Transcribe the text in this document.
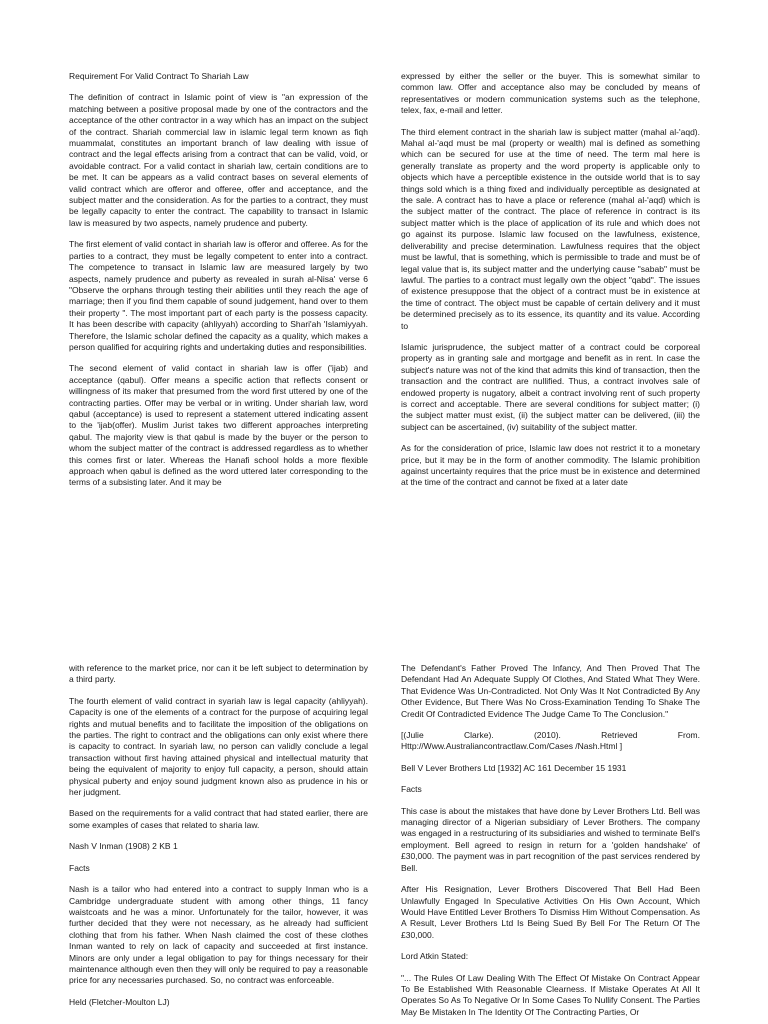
Requirement For Valid Contract To Shariah Law

The definition of contract in Islamic point of view is "an expression of the matching between a positive proposal made by one of the contractors and the acceptance of the other contractor in a way which has an impact on the subject of the contract. Shariah commercial law in islamic legal term known as fiqh muammalat, constitutes an important branch of law dealing with issue of contract and the legal effects arising from a contract that can be valid, void, or avoidable contract. For a valid contact in shariah law, certain conditions are to be met. It can be appears as a valid contract bases on several elements of valid contract which are offeror and offeree, offer and acceptance, and the subject matter and the consideration. As for the parties to a contract, they must be legally capacity to enter the contract. The capability to transact in Islamic law is measured by two aspects, namely prudence and puberty.

The first element of valid contact in shariah law is offeror and offeree. As for the parties to a contract, they must be legally competent to enter into a contract. The competence to transact in Islamic law are measured largely by two aspects, namely prudence and puberty as revealed in surah al-Nisa' verse 6 "Observe the orphans through testing their abilities until they reach the age of marriage; then if you find them capable of sound judgement, hand over to them their property ". The most important part of each party is the possess capacity. It has been describe with capacity (ahliyyah) according to Shari'ah 'Islamiyyah. Therefore, the Islamic scholar defined the capacity as a quality, which makes a person qualified for acquiring rights and undertaking duties and responsibilities.

The second element of valid contact in shariah law is offer ('ijab) and acceptance (qabul). Offer means a specific action that reflects consent or willingness of its maker that presumed from the word first uttered by one of the contracting parties. Offer may be verbal or in writing. Under shariah law, word qabul (acceptance) is used to represent a statement uttered indicating assent to the 'ijab(offer). Muslim Jurist takes two different approaches interpreting qabul. The majority view is that qabul is made by the buyer or the person to whom the subject matter of the contract is addressed regardless as to whether this comes first or later. Whereas the Hanafi school holds a more flexible approach when qabul is defined as the word uttered later corresponding to the terms of a subsisting later. And it may be

expressed by either the seller or the buyer. This is somewhat similar to common law. Offer and acceptance also may be concluded by means of representatives or modern communication systems such as the telephone, telex, fax, e-mail and letter.

The third element contract in the shariah law is subject matter (mahal al-'aqd). Mahal al-'aqd must be mal (property or wealth) mal is defined as something which can be secured for use at the time of need. The term mal here is generally translate as property and the word property is applicable only to objects which have a perceptible existence in the outside world that is to say things sold which is a thing fixed and individually perceptible as designated at the sale. A contract has to have a place or reference (mahal al-'aqd) which is the subject matter of the contract. The place of reference in contract is its subject matter which is the place of application of its rule and which does not go against its purpose. Islamic law focused on the lawfulness, existence, deliverability and precise determination. Lawfulness requires that the object must be lawful, that is something, which is permissible to trade and must be of legal value that is, its subject matter and the underlying cause "sabab" must be lawful. The parties to a contract must legally own the object "qabd". The issues of existence presuppose that the object of a contract must be in existence at the time of contract. The object must be capable of certain delivery and it must be determined precisely as to its essence, its quantity and its value. According to

Islamic jurisprudence, the subject matter of a contract could be corporeal property as in granting sale and mortgage and benefit as in rent. In case the subject's nature was not of the kind that admits this kind of transaction, then the transaction and the contract are nullified. Thus, a contract involves sale of endowed property is nugatory, albeit a contract involving rent of such property is correct and acceptable. There are several conditions for subject matter; (i) the subject matter must exist, (ii) the subject matter can be delivered, (iii) the subject can be ascertained, (iv) suitability of the subject matter.

As for the consideration of price, Islamic law does not restrict it to a monetary price, but it may be in the form of another commodity. The Islamic prohibition against uncertainty requires that the price must be in existence and determined at the time of the contract and cannot be fixed at a later date

with reference to the market price, nor can it be left subject to determination by a third party.

The fourth element of valid contract in syariah law is legal capacity (ahliyyah). Capacity is one of the elements of a contract for the purpose of acquiring legal rights and mutual benefits and to facilitate the imposition of the obligations on the parties. The right to contract and the obligations can only exist where there is capacity to contract. In syariah law, no person can validly conclude a legal transaction without first having attained physical and intellectual maturity that being the equivalent of majority to enjoy full capacity, a person, should attain physical puberty and enjoy sound judgment known also as prudence in his or her judgment.

Based on the requirements for a valid contract that had stated earlier, there are some examples of cases that related to sharia law.

Nash V Inman (1908) 2 KB 1

Facts

Nash is a tailor who had entered into a contract to supply Inman who is a Cambridge undergraduate student with among other things, 11 fancy waistcoats and he was a minor. Unfortunately for the tailor, however, it was further decided that they were not necessary, as he already had sufficient clothing that from his father. When Nash claimed the cost of these clothes Inman wanted to rely on lack of capacity and succeeded at first instance. Minors are only under a legal obligation to pay for things necessary for their maintenance although even then they will only be required to pay a reasonable price for any necessaries purchased. So, no contract was enforceable.

Held (Fletcher-Moulton LJ)

The Defendant's Father Proved The Infancy, And Then Proved That The Defendant Had An Adequate Supply Of Clothes, And Stated What They Were. That Evidence Was Un-Contradicted. Not Only Was It Not Contradicted By Any Other Evidence, But There Was No Cross-Examination Tending To Shake The Credit Of Contradicted Evidence The Judge Came To The Conclusion."

[(Julie Clarke). (2010). Retrieved From. Http://Www.Australiancontractlaw.Com/Cases /Nash.Html ]

Bell V Lever Brothers Ltd [1932] AC 161 December 15 1931

Facts

This case is about the mistakes that have done by Lever Brothers Ltd. Bell was managing director of a Nigerian subsidiary of Lever Brothers. The company was engaged in a restructuring of its subsidiaries and wished to terminate Bell's employment. Bell agreed to resign in return for a 'golden handshake' of £30,000. The payment was in part recognition of the past services rendered by Bell.

After His Resignation, Lever Brothers Discovered That Bell Had Been Unlawfully Engaged In Speculative Activities On His Own Account, Which Would Have Entitled Lever Brothers To Dismiss Him Without Compensation. As A Result, Lever Brothers Ltd Is Being Sued By Bell For The Return Of The £30,000.

Lord Atkin Stated:

"... The Rules Of Law Dealing With The Effect Of Mistake On Contract Appear To Be Established With Reasonable Clearness. If Mistake Operates At All It Operates So As To Negative Or In Some Cases To Nullify Consent. The Parties May Be Mistaken In The Identity Of The Contracting Parties, Or
